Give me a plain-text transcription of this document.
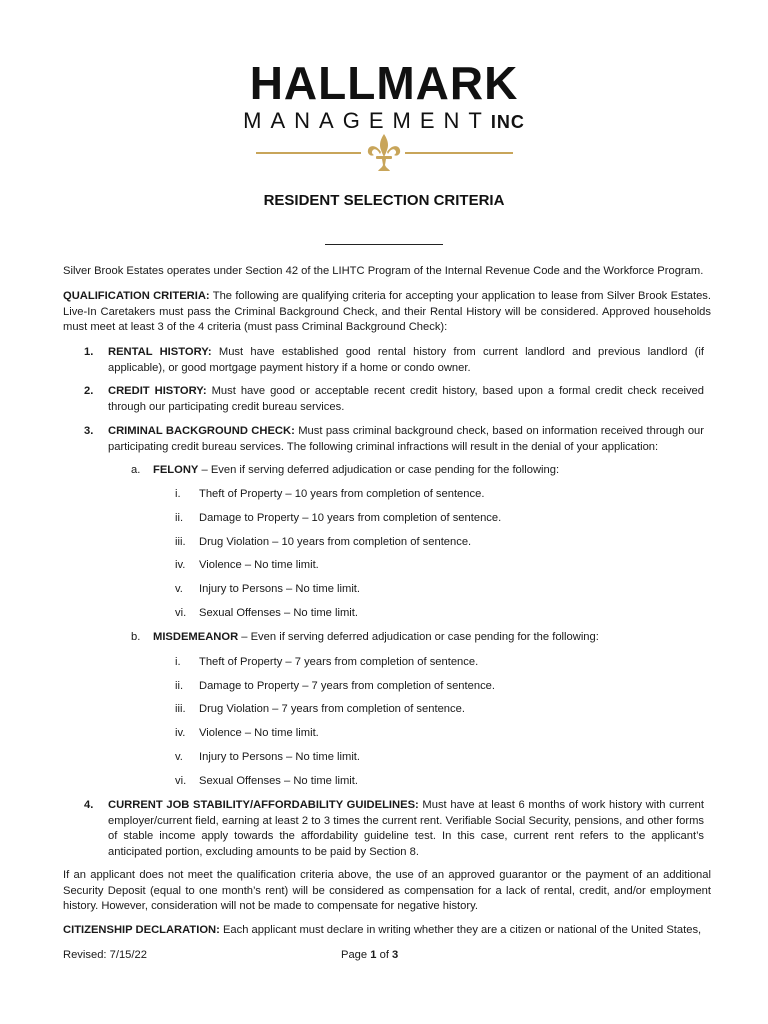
HALLMARK
MANAGEMENTINC
RESIDENT SELECTION CRITERIA
Silver Brook Estates operates under Section 42 of the LIHTC Program of the Internal Revenue Code and the Workforce Program.
QUALIFICATION CRITERIA: The following are qualifying criteria for accepting your application to lease from Silver Brook Estates. Live-In Caretakers must pass the Criminal Background Check, and their Rental History will be considered. Approved households must meet at least 3 of the 4 criteria (must pass Criminal Background Check):
1. RENTAL HISTORY: Must have established good rental history from current landlord and previous landlord (if applicable), or good mortgage payment history if a home or condo owner.
2. CREDIT HISTORY: Must have good or acceptable recent credit history, based upon a formal credit check received through our participating credit bureau services.
3. CRIMINAL BACKGROUND CHECK: Must pass criminal background check, based on information received through our participating credit bureau services. The following criminal infractions will result in the denial of your application:
a. FELONY – Even if serving deferred adjudication or case pending for the following:
i.	Theft of Property – 10 years from completion of sentence.
ii.	Damage to Property – 10 years from completion of sentence.
iii.	Drug Violation – 10 years from completion of sentence.
iv.	Violence – No time limit.
v.	Injury to Persons – No time limit.
vi.	Sexual Offenses – No time limit.
b. MISDEMEANOR – Even if serving deferred adjudication or case pending for the following:
i.	Theft of Property – 7 years from completion of sentence.
ii.	Damage to Property – 7 years from completion of sentence.
iii.	Drug Violation – 7 years from completion of sentence.
iv.	Violence – No time limit.
v.	Injury to Persons – No time limit.
vi.	Sexual Offenses – No time limit.
4. CURRENT JOB STABILITY/AFFORDABILITY GUIDELINES: Must have at least 6 months of work history with current employer/current field, earning at least 2 to 3 times the current rent. Verifiable Social Security, pensions, and other forms of stable income apply towards the affordability guideline test. In this case, current rent refers to the applicant’s anticipated portion, excluding amounts to be paid by Section 8.
If an applicant does not meet the qualification criteria above, the use of an approved guarantor or the payment of an additional Security Deposit (equal to one month’s rent) will be considered as compensation for a lack of rental, credit, and/or employment history. However, consideration will not be made to compensate for negative history.
CITIZENSHIP DECLARATION: Each applicant must declare in writing whether they are a citizen or national of the United States,
Revised: 7/15/22	Page 1 of 3
